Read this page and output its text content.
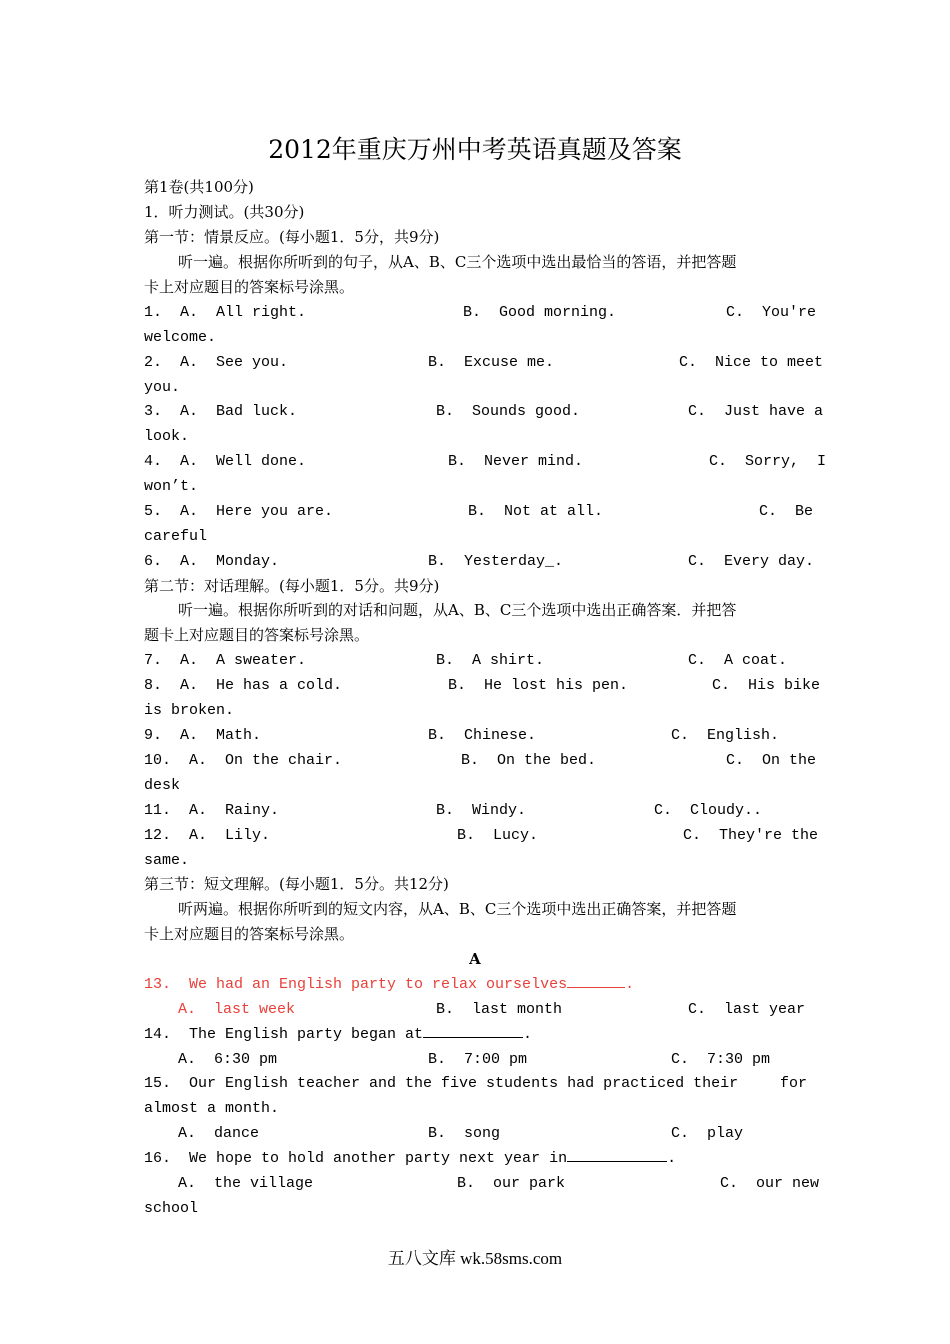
2012年重庆万州中考英语真题及答案
第1卷(共100分)
1．听力测试。(共30分)
第一节：情景反应。(每小题1．5分，共9分)
听一遍。根据你所听到的句子，从A、B、C三个选项中选出最恰当的答语，并把答题
卡上对应题目的答案标号涂黑。
1.  A.  All right.	B.  Good morning.	C.  You're
welcome.
2.  A.  See you.	B.  Excuse me.	C.  Nice to meet
you.
3.  A.  Bad luck.	B.  Sounds good.	C.  Just have a
look.
4.  A.  Well done.	B.  Never mind.	C.  Sorry,  I
won’t.
5.  A.  Here you are.	B.  Not at all.	C.  Be
careful
6.  A.  Monday.	B.  Yesterday_.	C.  Every day.
第二节：对话理解。(每小题1．5分。共9分)
听一遍。根据你所听到的对话和问题，从A、B、C三个选项中选出正确答案．并把答
题卡上对应题目的答案标号涂黑。
7.  A.  A sweater.	B.  A shirt.	C.  A coat.
8.  A.  He has a cold.	B.  He lost his pen.	C.  His bike
is broken.
9.  A.  Math.	B.  Chinese.	C.  English.
10.  A.  On the chair.	B.  On the bed.	C.  On the
desk
11.  A.  Rainy.	B.  Windy.	C.  Cloudy..
12.  A.  Lily.	B.  Lucy.	C.  They're the
same.
第三节：短文理解。(每小题1．5分。共12分)
听两遍。根据你所听到的短文内容，从A、B、C三个选项中选出正确答案，并把答题
卡上对应题目的答案标号涂黑。
A
13.  We had an English party to relax ourselves	.
A.  last week	B.  last month	C.  last year
14.  The English party began at	.
A.  6:30 pm	B.  7:00 pm	C.  7:30 pm
15.  Our English teacher and the five students had practiced their	for
almost a month.
A.  dance	B.  song	C.  play
16.  We hope to hold another party next year in	.
A.  the village	B.  our park	C.  our new
school
五八文库 wk.58sms.com
